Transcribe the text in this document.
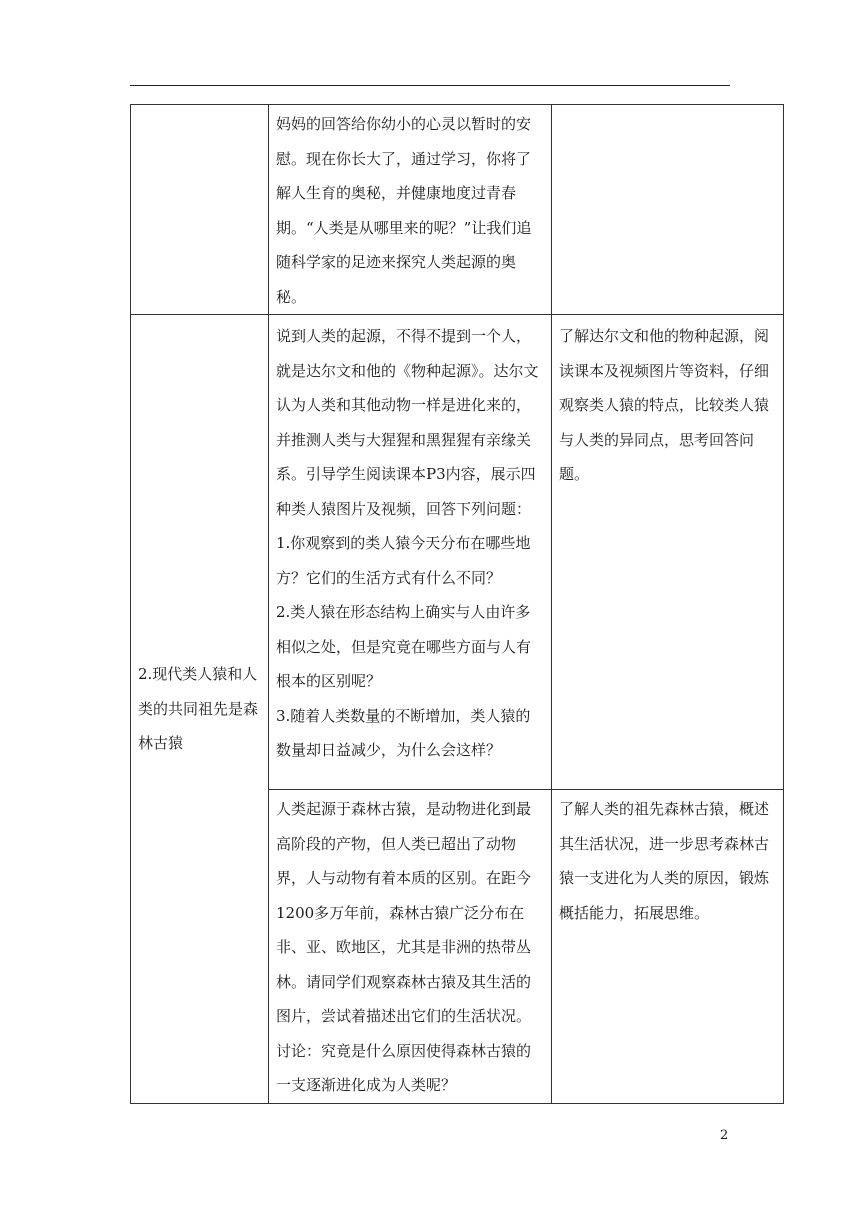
	妈妈的回答给你幼小的心灵以暂时的安慰。现在你长大了，通过学习，你将了解人生育的奥秘，并健康地度过青春期。“人类是从哪里来的呢？”让我们追随科学家的足迹来探究人类起源的奥秘。	

2.现代类人猿和人类的共同祖先是森林古猿	说到人类的起源，不得不提到一个人，就是达尔文和他的《物种起源》。达尔文认为人类和其他动物一样是进化来的，并推测人类与大猩猩和黑猩猩有亲缘关系。引导学生阅读课本P3内容，展示四种类人猿图片及视频，回答下列问题：

1.你观察到的类人猿今天分布在哪些地方？它们的生活方式有什么不同？

2.类人猿在形态结构上确实与人由许多相似之处，但是究竟在哪些方面与人有根本的区别呢？

3.随着人类数量的不断增加，类人猿的数量却日益减少，为什么会这样？	了解达尔文和他的物种起源，阅读课本及视频图片等资料，仔细观察类人猿的特点，比较类人猿与人类的异同点，思考回答问题。

	人类起源于森林古猿，是动物进化到最高阶段的产物，但人类已超出了动物界，人与动物有着本质的区别。在距今1200多万年前，森林古猿广泛分布在非、亚、欧地区，尤其是非洲的热带丛林。请同学们观察森林古猿及其生活的图片，尝试着描述出它们的生活状况。

讨论：究竟是什么原因使得森林古猿的一支逐渐进化成为人类呢？	了解人类的祖先森林古猿，概述其生活状况，进一步思考森林古猿一支进化为人类的原因，锻炼概括能力，拓展思维。

2
